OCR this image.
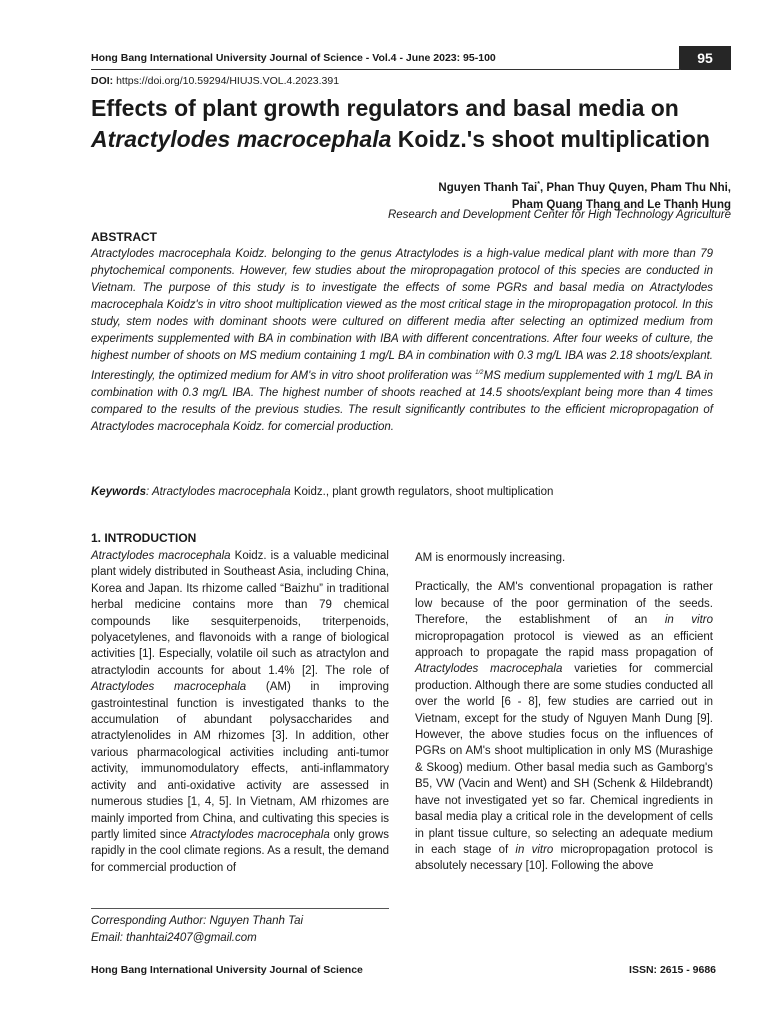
Hong Bang International University Journal of Science - Vol.4 - June 2023: 95-100	95
DOI: https://doi.org/10.59294/HIUJS.VOL.4.2023.391
Effects of plant growth regulators and basal media on
Atractylodes macrocephala Koidz.'s shoot multiplication
Nguyen Thanh Tai*, Phan Thuy Quyen, Pham Thu Nhi,
Pham Quang Thang and Le Thanh Hung
Research and Development Center for High Technology Agriculture
ABSTRACT
Atractylodes macrocephala Koidz. belonging to the genus Atractylodes is a high-value medical plant with more than 79 phytochemical components. However, few studies about the miropropagation protocol of this species are conducted in Vietnam. The purpose of this study is to investigate the effects of some PGRs and basal media on Atractylodes macrocephala Koidz's in vitro shoot multiplication viewed as the most critical stage in the miropropagation protocol. In this study, stem nodes with dominant shoots were cultured on different media after selecting an optimized medium from experiments supplemented with BA in combination with IBA with different concentrations. After four weeks of culture, the highest number of shoots on MS medium containing 1 mg/L BA in combination with 0.3 mg/L IBA was 2.18 shoots/explant. Interestingly, the optimized medium for AM's in vitro shoot proliferation was $^{1/2}$MS medium supplemented with 1 mg/L BA in combination with 0.3 mg/L IBA. The highest number of shoots reached at 14.5 shoots/explant being more than 4 times compared to the results of the previous studies. The result significantly contributes to the efficient micropropagation of Atractylodes macrocephala Koidz. for comercial production.
Keywords: Atractylodes macrocephala Koidz., plant growth regulators, shoot multiplication
1. INTRODUCTION

Atractylodes macrocephala Koidz. is a valuable medicinal plant widely distributed in Southeast Asia, including China, Korea and Japan. Its rhizome called “Baizhu” in traditional herbal medicine contains more than 79 chemical compounds like sesquiterpenoids, triterpenoids, polyacetylenes, and flavonoids with a range of biological activities [1]. Especially, volatile oil such as atractylon and atractylodin accounts for about 1.4% [2]. The role of Atractylodes macrocephala (AM) in improving gastrointestinal function is investigated thanks to the accumulation of abundant polysaccharides and atractylenolides in AM rhizomes [3]. In addition, other various pharmacological activities including anti-tumor activity, immunomodulatory effects, anti-inflammatory activity and anti-oxidative activity are assessed in numerous studies [1, 4, 5]. In Vietnam, AM rhizomes are mainly imported from China, and cultivating this species is partly limited since Atractylodes macrocephala only grows rapidly in the cool climate regions. As a result, the demand for commercial production of

AM is enormously increasing.

Practically, the AM's conventional propagation is rather low because of the poor germination of the seeds. Therefore, the establishment of an in vitro micropropagation protocol is viewed as an efficient approach to propagate the rapid mass propagation of Atractylodes macrocephala varieties for commercial production. Although there are some studies conducted all over the world [6 - 8], few studies are carried out in Vietnam, except for the study of Nguyen Manh Dung [9]. However, the above studies focus on the influences of PGRs on AM's shoot multiplication in only MS (Murashige & Skoog) medium. Other basal media such as Gamborg's B5, VW (Vacin and Went) and SH (Schenk & Hildebrandt) have not investigated yet so far. Chemical ingredients in basal media play a critical role in the development of cells in plant tissue culture, so selecting an adequate medium in each stage of in vitro micropropagation protocol is absolutely necessary [10]. Following the above

Corresponding Author: Nguyen Thanh Tai
Email: thanhtai2407@gmail.com
Hong Bang International University Journal of Science	ISSN: 2615 - 9686
